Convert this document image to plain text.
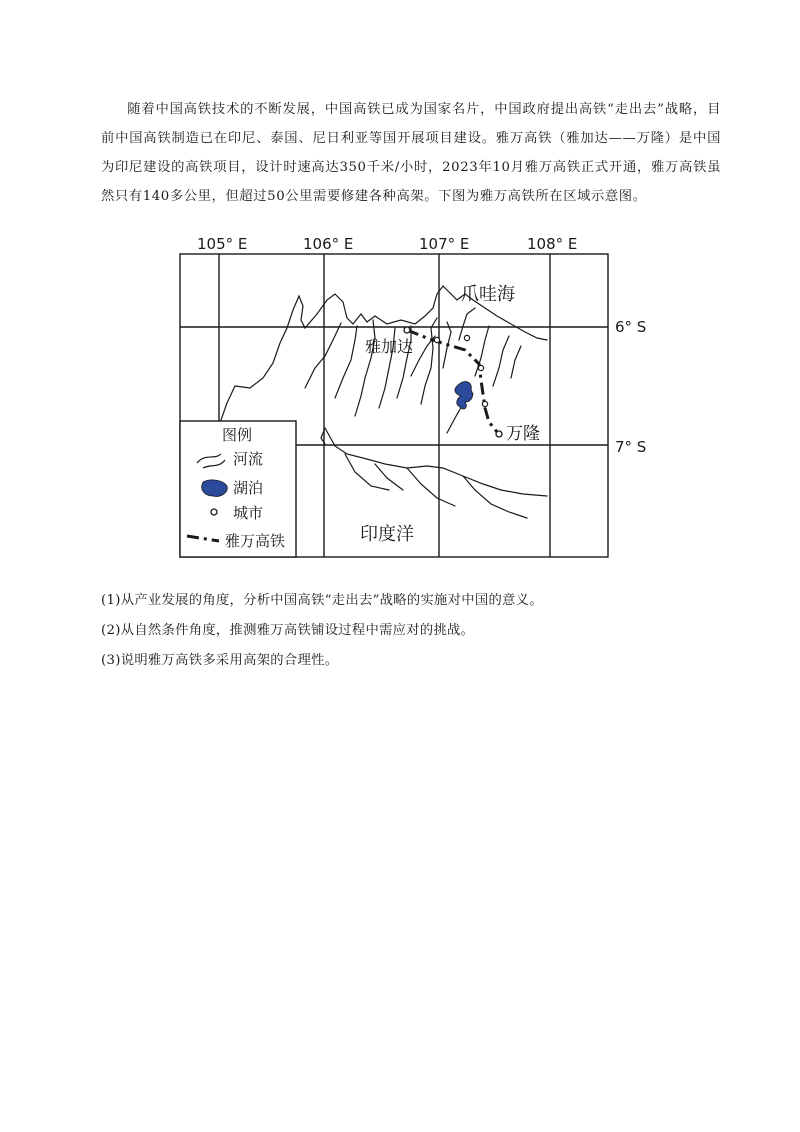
随着中国高铁技术的不断发展，中国高铁已成为国家名片，中国政府提出高铁“走出去”战略，目前中国高铁制造已在印尼、泰国、尼日利亚等国开展项目建设。雅万高铁（雅加达——万隆）是中国为印尼建设的高铁项目，设计时速高达350千米/小时，2023年10月雅万高铁正式开通，雅万高铁虽然只有140多公里，但超过50公里需要修建各种高架。下图为雅万高铁所在区域示意图。
105° E	106° E	107° E	108° E
6° S
7° S
爪哇海
雅加达
万隆
印度洋
图例
河流
湖泊
城市
雅万高铁
(1)从产业发展的角度，分析中国高铁“走出去”战略的实施对中国的意义。
(2)从自然条件角度，推测雅万高铁铺设过程中需应对的挑战。
(3)说明雅万高铁多采用高架的合理性。
